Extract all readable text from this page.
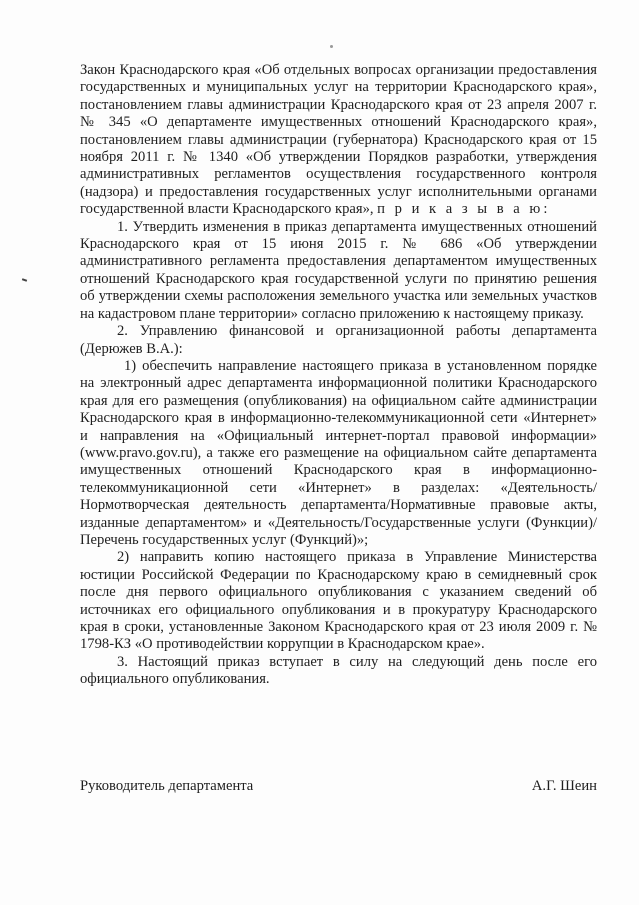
Закон Краснодарского края «Об отдельных вопросах организации предоставления государственных и муниципальных услуг на территории Краснодарского края», постановлением главы администрации Краснодарского края от 23 апреля 2007 г. № 345 «О департаменте имущественных отношений Краснодарского края», постановлением главы администрации (губернатора) Краснодарского края от 15 ноября 2011 г. № 1340 «Об утверждении Порядков разработки, утверждения административных регламентов осуществления государственного контроля (надзора) и предоставления государственных услуг исполнительными органами государственной власти Краснодарского края», п р и к а з ы в а ю:

1. Утвердить изменения в приказ департамента имущественных отношений Краснодарского края от 15 июня 2015 г. № 686 «Об утверждении административного регламента предоставления департаментом имущественных отношений Краснодарского края государственной услуги по принятию решения об утверждении схемы расположения земельного участка или земельных участков на кадастровом плане территории» согласно приложению к настоящему приказу.

2. Управлению финансовой и организационной работы департамента (Дерюжев В.А.):

1) обеспечить направление настоящего приказа в установленном порядке на электронный адрес департамента информационной политики Краснодарского края для его размещения (опубликования) на официальном сайте администрации Краснодарского края в информационно-телекоммуникационной сети «Интернет» и направления на «Официальный интернет-портал правовой информации» (www.pravo.gov.ru), а также его размещение на официальном сайте департамента имущественных отношений Краснодарского края в информационно-телекоммуникационной сети «Интернет» в разделах: «Деятельность/Нормотворческая деятельность департамента/Нормативные правовые акты, изданные департаментом» и «Деятельность/Государственные услуги (Функции)/Перечень государственных услуг (Функций)»;

2) направить копию настоящего приказа в Управление Министерства юстиции Российской Федерации по Краснодарскому краю в семидневный срок после дня первого официального опубликования с указанием сведений об источниках его официального опубликования и в прокуратуру Краснодарского края в сроки, установленные Законом Краснодарского края от 23 июля 2009 г. № 1798-КЗ «О противодействии коррупции в Краснодарском крае».

3. Настоящий приказ вступает в силу на следующий день после его официального опубликования.

Руководитель департамента	А.Г. Шеин
